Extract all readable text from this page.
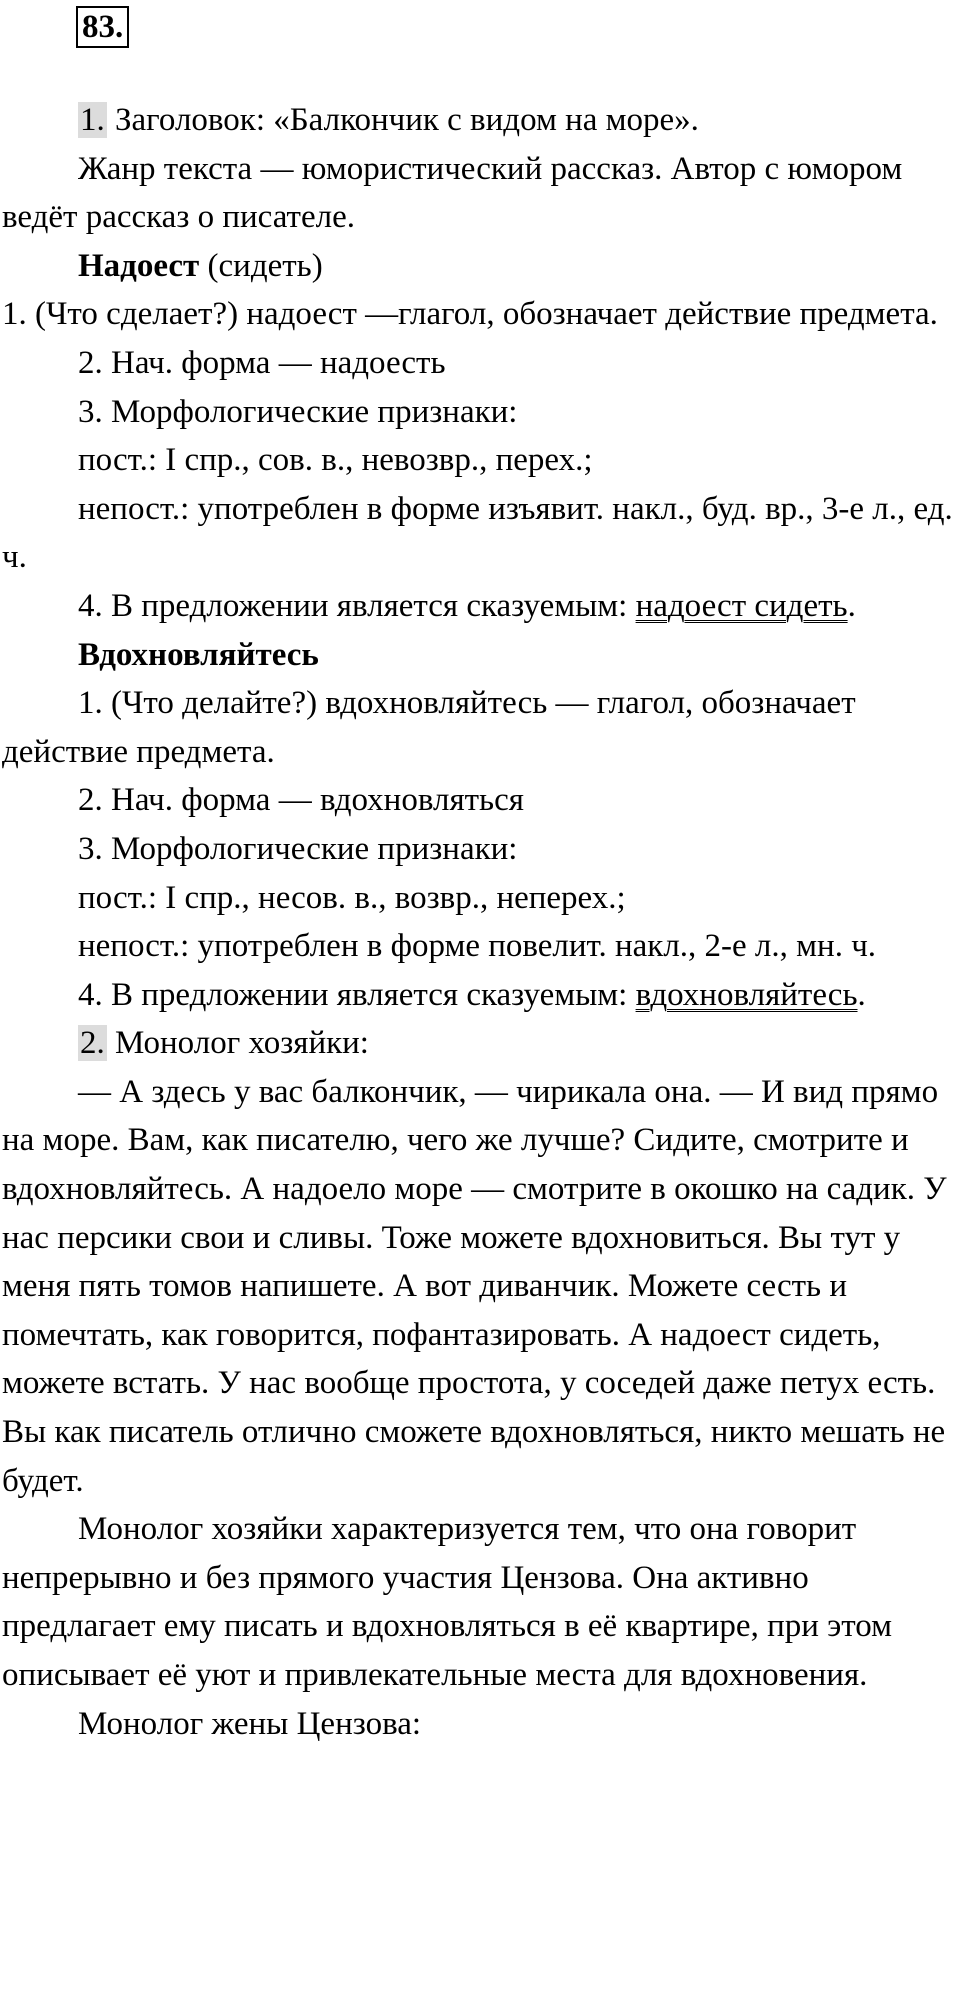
83.

1. Заголовок: «Балкончик с видом на море».

Жанр текста — юмористический рассказ. Автор с юмором ведёт рассказ о писателе.

Надоест (сидеть)

1. (Что сделает?) надоест —глагол, обозначает действие предмета.

2. Нач. форма — надоесть

3. Морфологические признаки:

пост.: I спр., сов. в., невозвр., перех.;

непост.: употреблен в форме изъявит. накл., буд. вр., 3-е л., ед. ч.

4. В предложении является сказуемым: надоест сидеть.

Вдохновляйтесь

1. (Что делайте?) вдохновляйтесь — глагол, обозначает действие предмета.

2. Нач. форма — вдохновляться

3. Морфологические признаки:

пост.: I спр., несов. в., возвр., неперех.;

непост.: употреблен в форме повелит. накл., 2-е л., мн. ч.

4. В предложении является сказуемым: вдохновляйтесь.

2. Монолог хозяйки:

— А здесь у вас балкончик, — чирикала она. — И вид прямо на море. Вам, как писателю, чего же лучше? Сидите, смотрите и вдохновляйтесь. А надоело море — смотрите в окошко на садик. У нас персики свои и сливы. Тоже можете вдохновиться. Вы тут у меня пять томов напишете. А вот диванчик. Можете сесть и помечтать, как говорится, пофантазировать. А надоест сидеть, можете встать. У нас вообще простота, у соседей даже петух есть. Вы как писатель отлично сможете вдохновляться, никто мешать не будет.

Монолог хозяйки характеризуется тем, что она говорит непрерывно и без прямого участия Цензова. Она активно предлагает ему писать и вдохновляться в её квартире, при этом описывает её уют и привлекательные места для вдохновения.

Монолог жены Цензова:
